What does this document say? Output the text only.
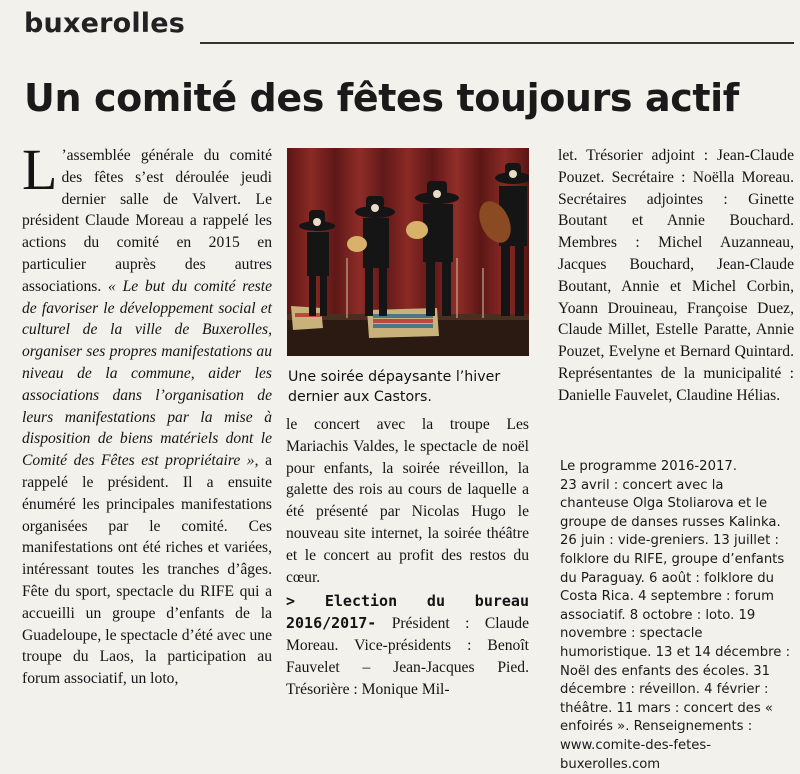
buxerolles
Un comité des fêtes toujours actif

L ’assemblée générale du comité des fêtes s’est déroulée jeudi dernier salle de Valvert. Le président Claude Moreau a rappelé les actions du comité en 2015 en particulier auprès des autres associations. « Le but du comité reste de favoriser le développement social et culturel de la ville de Buxerolles, organiser ses propres manifestations au niveau de la commune, aider les associations dans l’organisation de leurs manifestations par la mise à disposition de biens matériels dont le Comité des Fêtes est propriétaire », a rappelé le président. Il a ensuite énuméré les principales manifestations organisées par le comité. Ces manifestations ont été riches et variées, intéressant toutes les tranches d’âges. Fête du sport, spectacle du RIFE qui a accueilli un groupe d’enfants de la Guadeloupe, le spectacle d’été avec une troupe du Laos, la participation au forum associatif, un loto,

Une soirée dépaysante l’hiver dernier aux Castors.

le concert avec la troupe Les Mariachis Valdes, le spectacle de noël pour enfants, la soirée réveillon, la galette des rois au cours de laquelle a été présenté par Nicolas Hugo le nouveau site internet, la soirée théâtre et le concert au profit des restos du cœur.

> Election du bureau 2016/2017- Président : Claude Moreau. Vice-présidents : Benoît Fauvelet – Jean-Jacques Pied. Trésorière : Monique Mil-

let. Trésorier adjoint : Jean-Claude Pouzet. Secrétaire : Noëlla Moreau. Secrétaires adjointes : Ginette Boutant et Annie Bouchard. Membres : Michel Auzanneau, Jacques Bouchard, Jean-Claude Boutant, Annie et Michel Corbin, Yoann Drouineau, Françoise Duez, Claude Millet, Estelle Paratte, Annie Pouzet, Evelyne et Bernard Quintard. Représentantes de la municipalité : Danielle Fauvelet, Claudine Hélias.

Le programme 2016-2017.

23 avril : concert avec la chanteuse Olga Stoliarova et le groupe de danses russes Kalinka. 26 juin : vide-greniers. 13 juillet : folklore du RIFE, groupe d’enfants du Paraguay. 6 août : folklore du Costa Rica. 4 septembre : forum associatif. 8 octobre : loto. 19 novembre : spectacle humoristique. 13 et 14 décembre : Noël des enfants des écoles. 31 décembre : réveillon. 4 février : théâtre. 11 mars : concert des « enfoirés ». Renseignements : www.comite-des-fetes-buxerolles.com
